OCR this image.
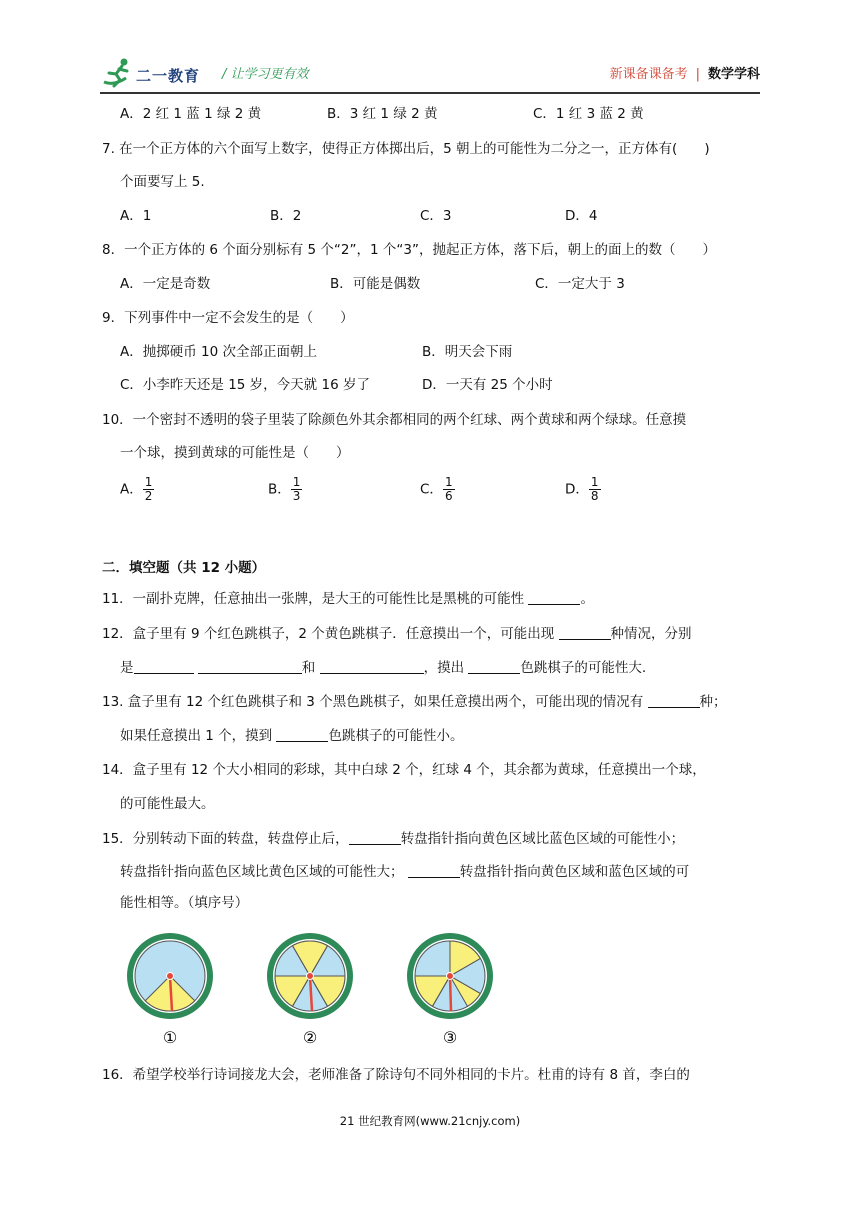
二一教育 / 让学习更有效	新课备课备考 | 数学学科
A．2 红 1 蓝 1 绿 2 黄	B．3 红 1 绿 2 黄	C．1 红 3 蓝 2 黄
7. 在一个正方体的六个面写上数字，使得正方体掷出后，5 朝上的可能性为二分之一，正方体有(　　)
个面要写上 5.
A．1	B．2	C．3	D．4
8．一个正方体的 6 个面分别标有 5 个“2”，1 个“3”，抛起正方体，落下后，朝上的面上的数（　　）
A．一定是奇数	B．可能是偶数	C．一定大于 3
9．下列事件中一定不会发生的是（　　）
A．抛掷硬币 10 次全部正面朝上	B．明天会下雨
C．小李昨天还是 15 岁，今天就 16 岁了	D．一天有 25 个小时
10．一个密封不透明的袋子里装了除颜色外其余都相同的两个红球、两个黄球和两个绿球。任意摸
一个球，摸到黄球的可能性是（　　）
A． $\frac{1}{2}$	B． $\frac{1}{3}$	C． $\frac{1}{6}$	D． $\frac{1}{8}$
二．填空题（共 12 小题）
11．一副扑克牌，任意抽出一张牌，是大王的可能性比是黑桃的可能性	。
12．盒子里有 9 个红色跳棋子，2 个黄色跳棋子．任意摸出一个，可能出现	种情况，分别
是	和	，摸出	色跳棋子的可能性大.
13. 盒子里有 12 个红色跳棋子和 3 个黑色跳棋子，如果任意摸出两个，可能出现的情况有	种；
如果任意摸出 1 个，摸到	色跳棋子的可能性小。
14．盒子里有 12 个大小相同的彩球，其中白球 2 个，红球 4 个，其余都为黄球，任意摸出一个球，
的可能性最大。
15．分别转动下面的转盘，转盘停止后，	转盘指针指向黄色区域比蓝色区域的可能性小；
转盘指针指向蓝色区域比黄色区域的可能性大；	转盘指针指向黄色区域和蓝色区域的可
能性相等。（填序号）
①	②	③
16．希望学校举行诗词接龙大会，老师准备了除诗句不同外相同的卡片。杜甫的诗有 8 首，李白的
21 世纪教育网(www.21cnjy.com)
